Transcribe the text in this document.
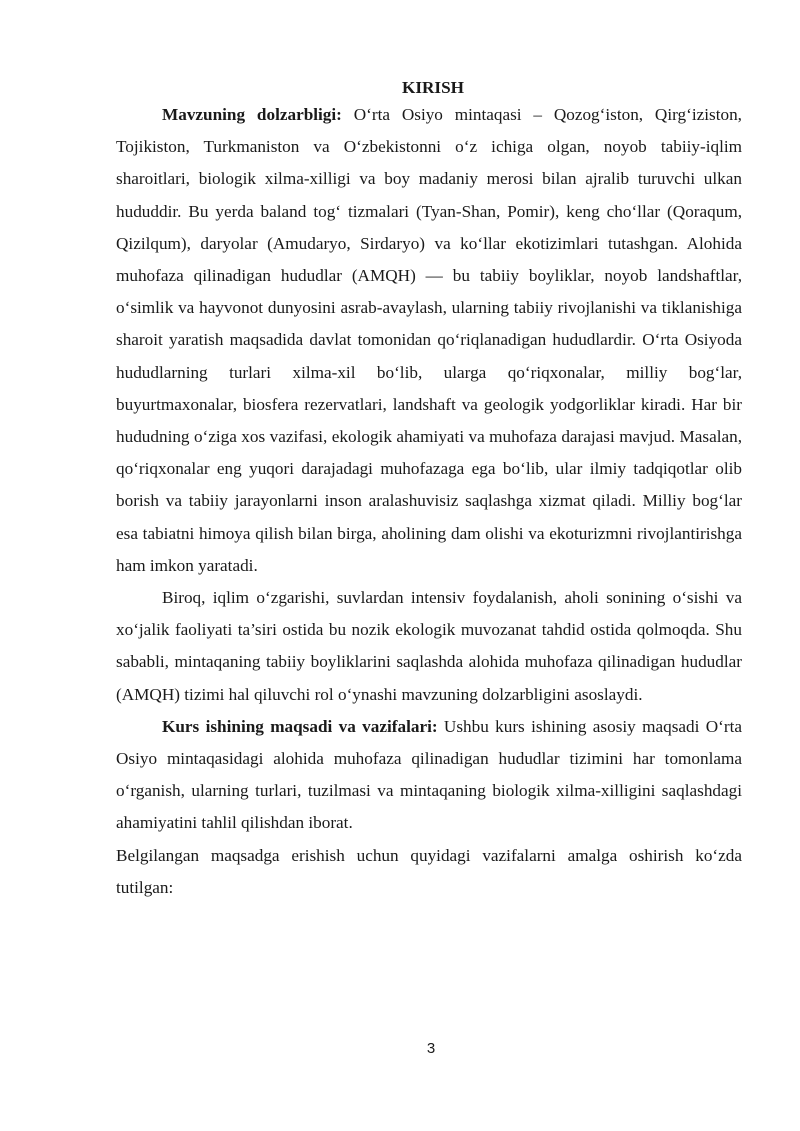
KIRISH

Mavzuning dolzarbligi: O‘rta Osiyo mintaqasi – Qozog‘iston, Qirg‘iziston, Tojikiston, Turkmaniston va O‘zbekistonni o‘z ichiga olgan, noyob tabiiy-iqlim sharoitlari, biologik xilma-xilligi va boy madaniy merosi bilan ajralib turuvchi ulkan hududdir. Bu yerda baland tog‘ tizmalari (Tyan-Shan, Pomir), keng cho‘llar (Qoraqum, Qizilqum), daryolar (Amudaryo, Sirdaryo) va ko‘llar ekotizimlari tutashgan. Alohida muhofaza qilinadigan hududlar (AMQH) — bu tabiiy boyliklar, noyob landshaftlar, o‘simlik va hayvonot dunyosini asrab-avaylash, ularning tabiiy rivojlanishi va tiklanishiga sharoit yaratish maqsadida davlat tomonidan qo‘riqlanadigan hududlardir. O‘rta Osiyoda hududlarning turlari xilma-xil bo‘lib, ularga qo‘riqxonalar, milliy bog‘lar, buyurtmaxonalar, biosfera rezervatlari, landshaft va geologik yodgorliklar kiradi. Har bir hududning o‘ziga xos vazifasi, ekologik ahamiyati va muhofaza darajasi mavjud. Masalan, qo‘riqxonalar eng yuqori darajadagi muhofazaga ega bo‘lib, ular ilmiy tadqiqotlar olib borish va tabiiy jarayonlarni inson aralashuvisiz saqlashga xizmat qiladi. Milliy bog‘lar esa tabiatni himoya qilish bilan birga, aholining dam olishi va ekoturizmni rivojlantirishga ham imkon yaratadi.

Biroq, iqlim o‘zgarishi, suvlardan intensiv foydalanish, aholi sonining o‘sishi va xo‘jalik faoliyati ta’siri ostida bu nozik ekologik muvozanat tahdid ostida qolmoqda. Shu sababli, mintaqaning tabiiy boyliklarini saqlashda alohida muhofaza qilinadigan hududlar (AMQH) tizimi hal qiluvchi rol o‘ynashi mavzuning dolzarbligini asoslaydi.

Kurs ishining maqsadi va vazifalari: Ushbu kurs ishining asosiy maqsadi O‘rta Osiyo mintaqasidagi alohida muhofaza qilinadigan hududlar tizimini har tomonlama o‘rganish, ularning turlari, tuzilmasi va mintaqaning biologik xilma-xilligini saqlashdagi ahamiyatini tahlil qilishdan iborat.

Belgilangan maqsadga erishish uchun quyidagi vazifalarni amalga oshirish ko‘zda tutilgan:

3
